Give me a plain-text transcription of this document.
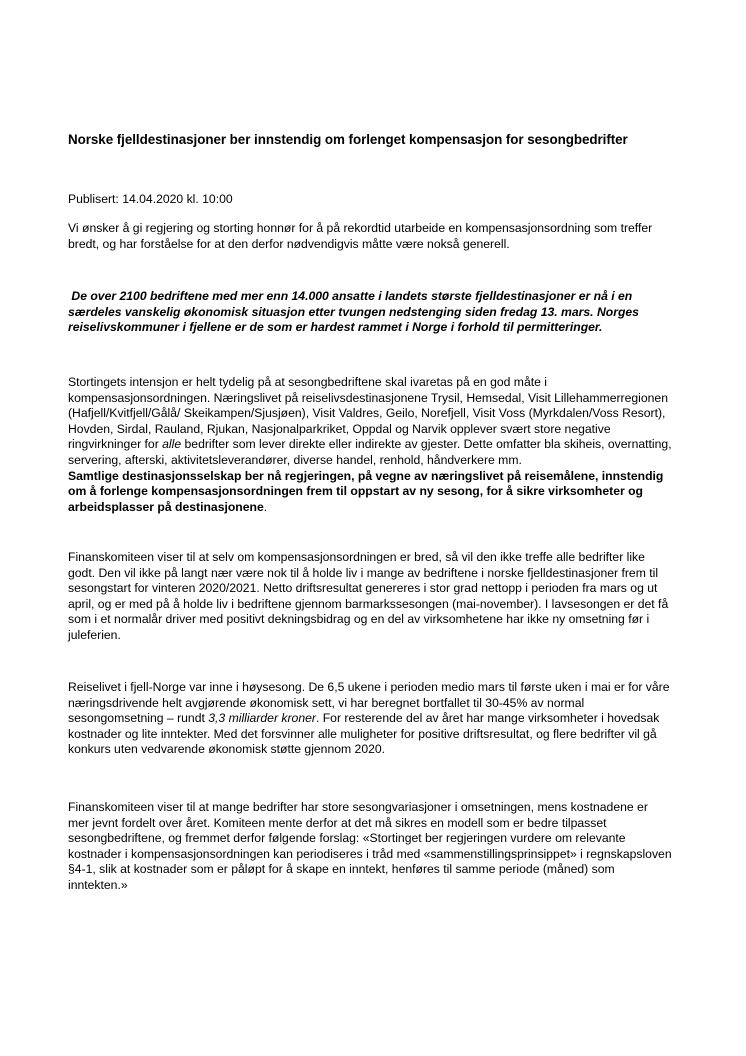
Norske fjelldestinasjoner ber innstendig om forlenget kompensasjon for sesongbedrifter
Publisert: 14.04.2020 kl. 10:00
Vi ønsker å gi regjering og storting honnør for å på rekordtid utarbeide en kompensasjonsordning som treffer
bredt, og har forståelse for at den derfor nødvendigvis måtte være nokså generell.
De over 2100 bedriftene med mer enn 14.000 ansatte i landets største fjelldestinasjoner er nå i en
særdeles vanskelig økonomisk situasjon etter tvungen nedstenging siden fredag 13. mars. Norges
reiselivskommuner i fjellene er de som er hardest rammet i Norge i forhold til permitteringer.
Stortingets intensjon er helt tydelig på at sesongbedriftene skal ivaretas på en god måte i
kompensasjonsordningen. Næringslivet på reiselivsdestinasjonene Trysil, Hemsedal, Visit Lillehammerregionen
(Hafjell/Kvitfjell/Gålå/ Skeikampen/Sjusjøen), Visit Valdres, Geilo, Norefjell, Visit Voss (Myrkdalen/Voss Resort),
Hovden, Sirdal, Rauland, Rjukan, Nasjonalparkriket, Oppdal og Narvik opplever svært store negative
ringvirkninger for alle bedrifter som lever direkte eller indirekte av gjester. Dette omfatter bla skiheis, overnatting,
servering, afterski, aktivitetsleverandører, diverse handel, renhold, håndverkere mm.
Samtlige destinasjonsselskap ber nå regjeringen, på vegne av næringslivet på reisemålene, innstendig
om å forlenge kompensasjonsordningen frem til oppstart av ny sesong, for å sikre virksomheter og
arbeidsplasser på destinasjonene.
Finanskomiteen viser til at selv om kompensasjonsordningen er bred, så vil den ikke treffe alle bedrifter like
godt. Den vil ikke på langt nær være nok til å holde liv i mange av bedriftene i norske fjelldestinasjoner frem til
sesongstart for vinteren 2020/2021. Netto driftsresultat genereres i stor grad nettopp i perioden fra mars og ut
april, og er med på å holde liv i bedriftene gjennom barmarkssesongen (mai-november). I lavsesongen er det få
som i et normalår driver med positivt dekningsbidrag og en del av virksomhetene har ikke ny omsetning før i
juleferien.
Reiselivet i fjell-Norge var inne i høysesong. De 6,5 ukene i perioden medio mars til første uken i mai er for våre
næringsdrivende helt avgjørende økonomisk sett, vi har beregnet bortfallet til 30-45% av normal
sesongomsetning – rundt 3,3 milliarder kroner. For resterende del av året har mange virksomheter i hovedsak
kostnader og lite inntekter. Med det forsvinner alle muligheter for positive driftsresultat, og flere bedrifter vil gå
konkurs uten vedvarende økonomisk støtte gjennom 2020.
Finanskomiteen viser til at mange bedrifter har store sesongvariasjoner i omsetningen, mens kostnadene er
mer jevnt fordelt over året. Komiteen mente derfor at det må sikres en modell som er bedre tilpasset
sesongbedriftene, og fremmet derfor følgende forslag: «Stortinget ber regjeringen vurdere om relevante
kostnader i kompensasjonsordningen kan periodiseres i tråd med «sammenstillingsprinsippet» i regnskapsloven
§4-1, slik at kostnader som er påløpt for å skape en inntekt, henføres til samme periode (måned) som
inntekten.»
